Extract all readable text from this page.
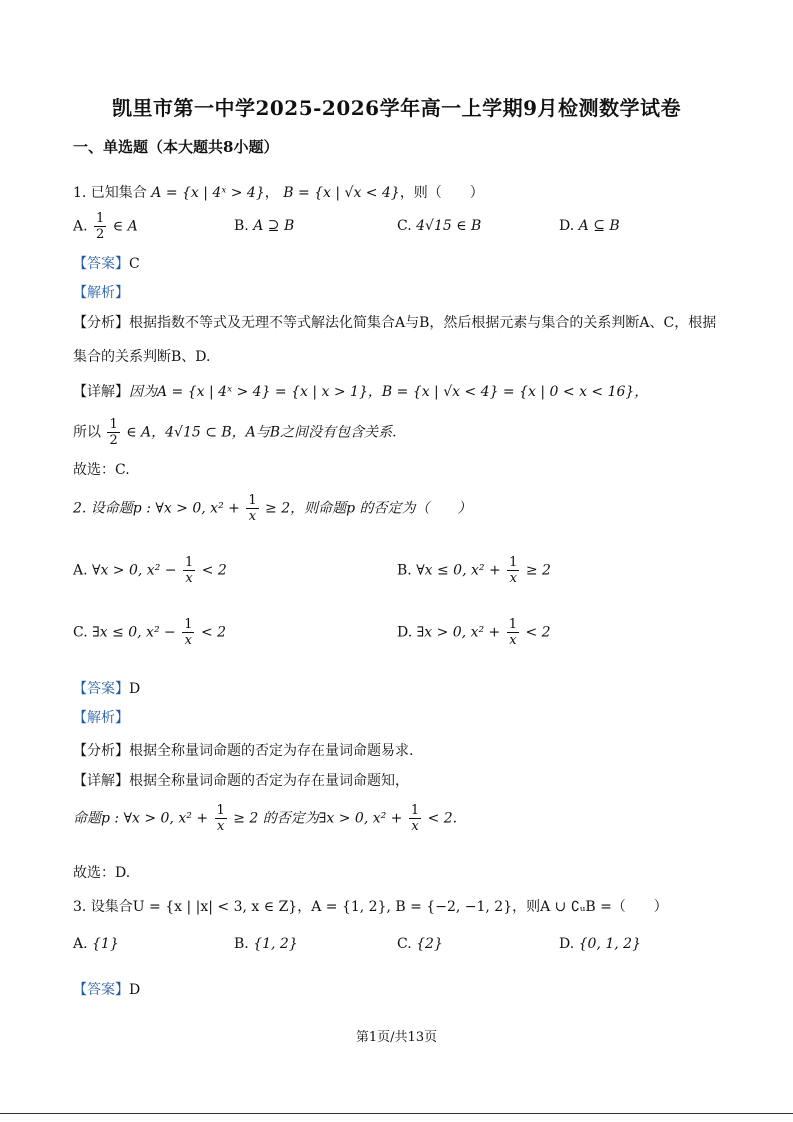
凯里市第一中学2025-2026学年高一上学期9月检测数学试卷
一、单选题（本大题共8小题）
1. 已知集合 A = {x | 4ˣ > 4}， B = {x | √x < 4}，则（　　）
A. $\frac{1}{2}$ ∈ A	B. A ⊇ B	C. 4√15 ∈ B	D. A ⊆ B
【答案】C
【解析】
【分析】根据指数不等式及无理不等式解法化简集合A与B，然后根据元素与集合的关系判断A、C，根据
集合的关系判断B、D.
【详解】因为A = {x | 4ˣ > 4} = {x | x > 1}，B = {x | √x < 4} = {x | 0 < x < 16}，
所以 $\frac{1}{2}$ ∈ A，4√15 ⊂ B，A与B之间没有包含关系.
故选：C.
2. 设命题p : ∀x > 0, $x^2 + \frac{1}{x} \ge 2$，则命题p 的否定为（　　）
A. ∀x > 0, $x^2 - \frac{1}{x} < 2$	B. ∀x ≤ 0, $x^2 + \frac{1}{x} \ge 2$
C. ∃x ≤ 0, $x^2 - \frac{1}{x} < 2$	D. ∃x > 0, $x^2 + \frac{1}{x} < 2$
【答案】D
【解析】
【分析】根据全称量词命题的否定为存在量词命题易求.
【详解】根据全称量词命题的否定为存在量词命题知，
命题p : ∀x > 0, $x^2 + \frac{1}{x} \ge 2$ 的否定为∃x > 0, $x^2 + \frac{1}{x} < 2$.
故选：D.
3. 设集合U = {x | |x| < 3, x ∈ Z}，A = {1, 2}, B = {−2, −1, 2}，则A ∪ ∁ᵤB =（　　）
A. {1}	B. {1, 2}	C. {2}	D. {0, 1, 2}
【答案】D
第1页/共13页
